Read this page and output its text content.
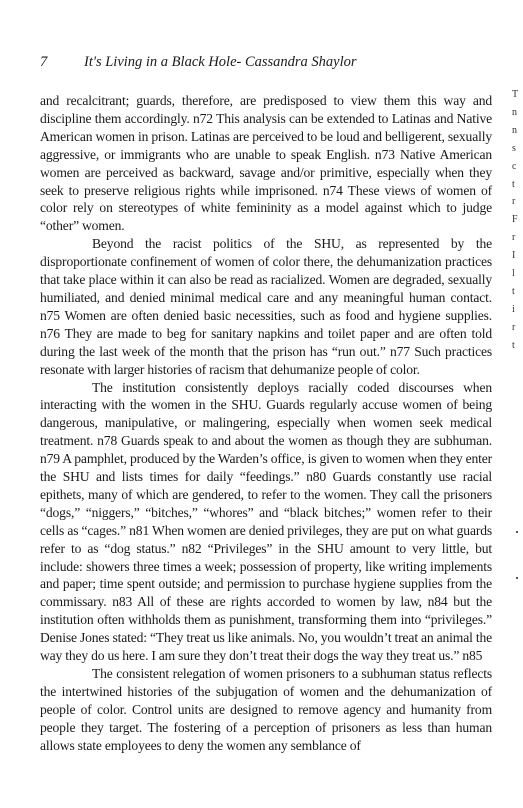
7	It's Living in a Black Hole- Cassandra Shaylor

and recalcitrant; guards, therefore, are predisposed to view them this way and discipline them accordingly. n72 This analysis can be extended to Latinas and Native American women in prison. Latinas are perceived to be loud and belligerent, sexually aggressive, or immigrants who are unable to speak English. n73 Native American women are perceived as backward, savage and/or primitive, especially when they seek to preserve religious rights while imprisoned. n74 These views of women of color rely on stereotypes of white femininity as a model against which to judge “other” women.

Beyond the racist politics of the SHU, as represented by the disproportionate confinement of women of color there, the dehumanization practices that take place within it can also be read as racialized. Women are degraded, sexually humiliated, and denied minimal medical care and any meaningful human contact. n75 Women are often denied basic necessities, such as food and hygiene supplies. n76 They are made to beg for sanitary napkins and toilet paper and are often told during the last week of the month that the prison has “run out.” n77 Such practices resonate with larger histories of racism that dehumanize people of color.

The institution consistently deploys racially coded discourses when interacting with the women in the SHU. Guards regularly accuse women of being dangerous, manipulative, or malingering, especially when women seek medical treatment. n78 Guards speak to and about the women as though they are subhuman. n79 A pamphlet, produced by the Warden’s office, is given to women when they enter the SHU and lists times for daily “feedings.” n80 Guards constantly use racial epithets, many of which are gendered, to refer to the women. They call the prisoners “dogs,” “niggers,” “bitches,” “whores” and “black bitches;” women refer to their cells as “cages.” n81 When women are denied privileges, they are put on what guards refer to as “dog status.” n82 “Privileges” in the SHU amount to very little, but include: showers three times a week; possession of property, like writing implements and paper; time spent outside; and permission to purchase hygiene supplies from the commissary. n83 All of these are rights accorded to women by law, n84 but the institution often withholds them as punishment, transforming them into “privileges.” Denise Jones stated: “They treat us like animals. No, you wouldn’t treat an animal the way they do us here. I am sure they don’t treat their dogs the way they treat us.” n85

The consistent relegation of women prisoners to a subhuman status reflects the intertwined histories of the subjugation of women and the dehumanization of people of color. Control units are designed to remove agency and humanity from people they target. The fostering of a perception of prisoners as less than human allows state employees to deny the women any semblance of

T
n
n
s
c
t
r
F
r
I
l
t
i
r
t
